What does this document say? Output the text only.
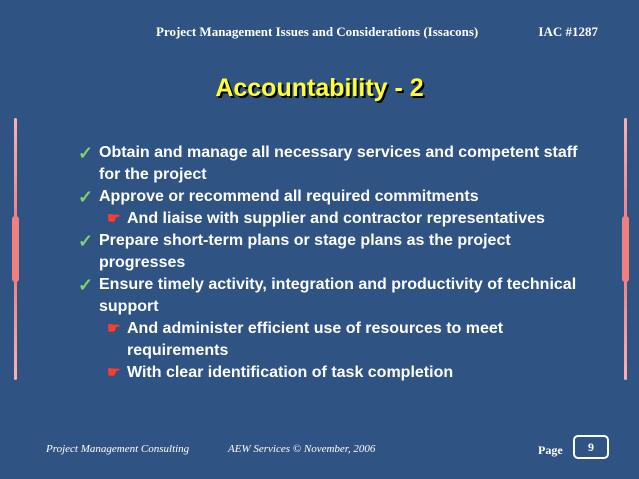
Project Management Issues and Considerations (Issacons)	IAC #1287
Accountability - 2
✓ Obtain and manage all necessary services and competent staff for the project
✓ Approve or recommend all required commitments
☛ And liaise with supplier and contractor representatives
✓ Prepare short-term plans or stage plans as the project progresses
✓ Ensure timely activity, integration and productivity of technical support
☛ And administer efficient use of resources to meet requirements
☛ With clear identification of task completion
Project Management Consulting	AEW Services © November, 2006	Page	9
